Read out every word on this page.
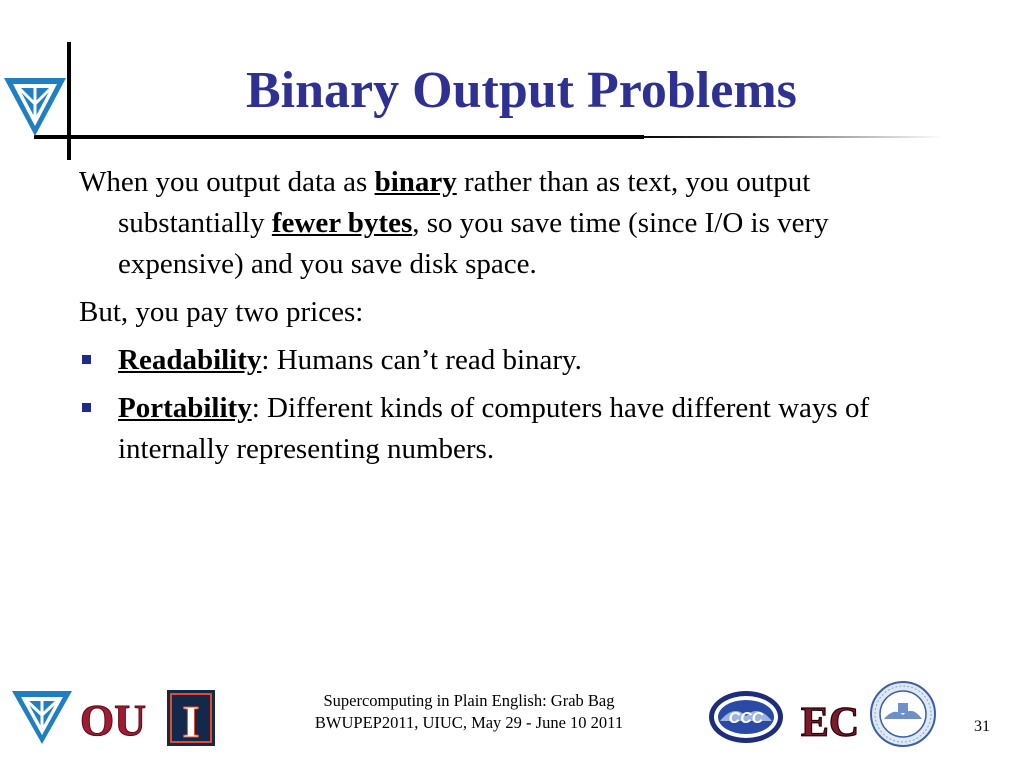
Binary Output Problems

When you output data as binary rather than as text, you output substantially fewer bytes, so you save time (since I/O is very expensive) and you save disk space.

But, you pay two prices:

Readability: Humans can’t read binary.
Portability: Different kinds of computers have different ways of internally representing numbers.
OU I	Supercomputing in Plain English: Grab Bag
BWUPEP2011, UIUC, May 29 - June 10 2011	CCC EC	31
